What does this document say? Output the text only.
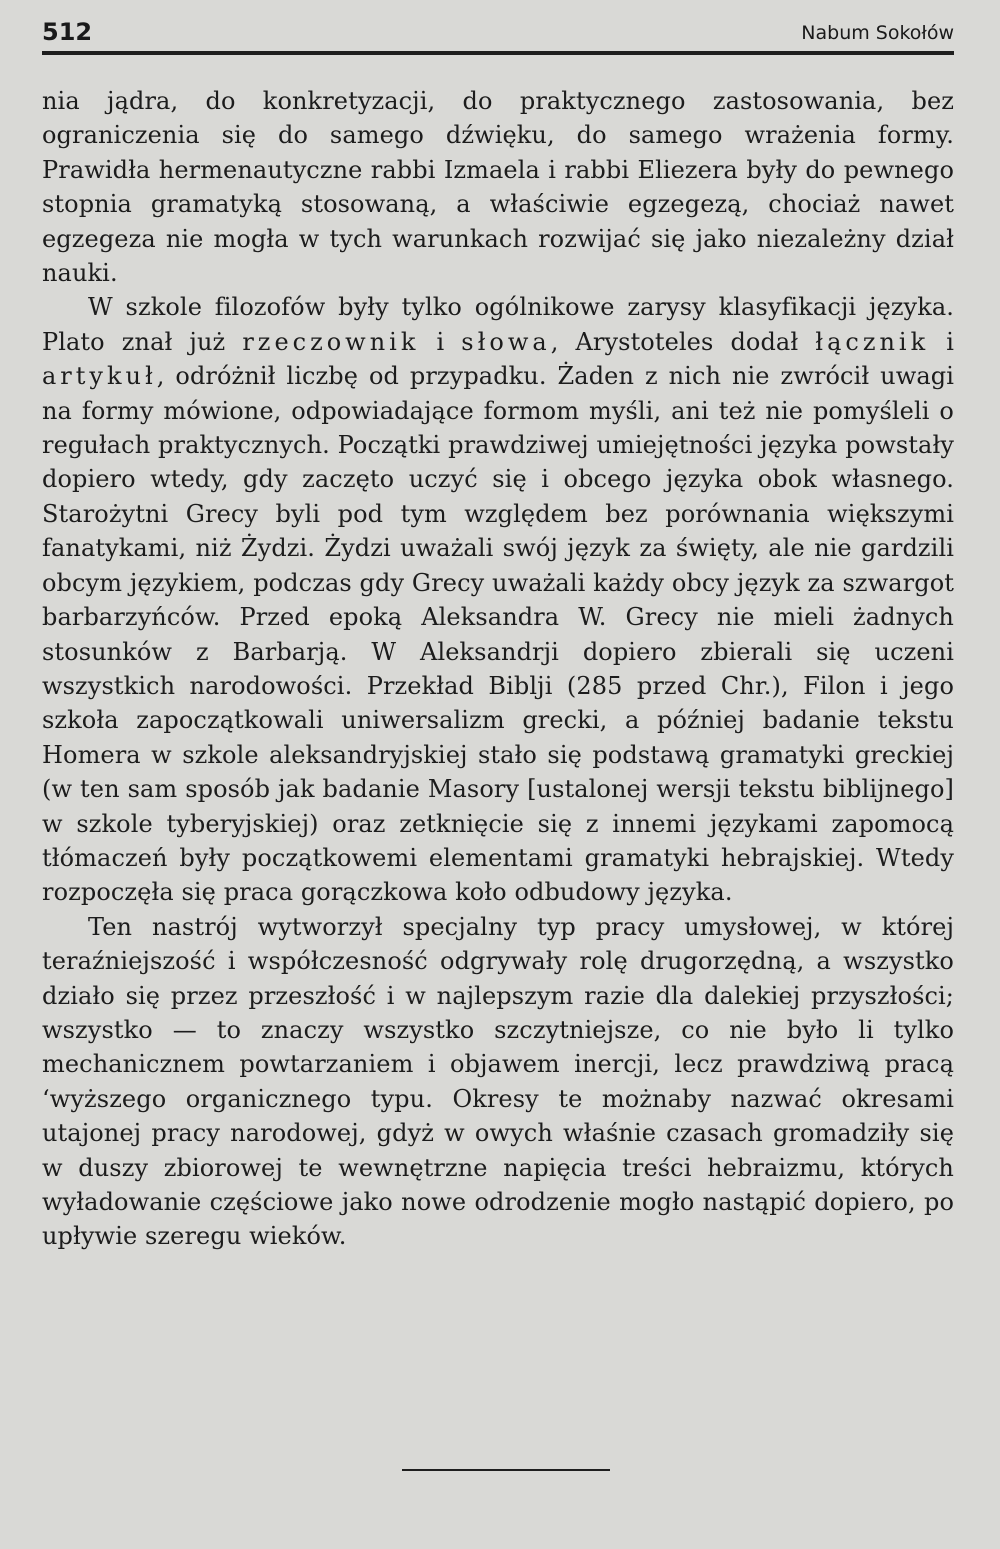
512	Nabum Sokołów

nia jądra, do konkretyzacji, do praktycznego zastosowania, bez ograniczenia się do samego dźwięku, do samego wrażenia formy. Prawidła hermenautyczne rabbi Izmaela i rabbi Eliezera były do pewnego stopnia gramatyką stosowaną, a właściwie egzegezą, chociaż nawet egzegeza nie mogła w tych warunkach rozwijać się jako niezależny dział nauki.

W szkole filozofów były tylko ogólnikowe zarysy klasyfikacji języka. Plato znał już rzeczownik i słowa, Arystoteles dodał łącznik i artykuł, odróżnił liczbę od przypadku. Żaden z nich nie zwrócił uwagi na formy mówione, odpowiadające formom myśli, ani też nie pomyśleli o regułach praktycznych. Początki prawdziwej umiejętności języka powstały dopiero wtedy, gdy zaczęto uczyć się i obcego języka obok własnego. Starożytni Grecy byli pod tym względem bez porównania większymi fanatykami, niż Żydzi. Żydzi uważali swój język za święty, ale nie gardzili obcym językiem, podczas gdy Grecy uważali każdy obcy język za szwargot barbarzyńców. Przed epoką Aleksandra W. Grecy nie mieli żadnych stosunków z Barbarją. W Aleksandrji dopiero zbierali się uczeni wszystkich narodowości. Przekład Biblji (285 przed Chr.), Filon i jego szkoła zapoczątkowali uniwersalizm grecki, a później badanie tekstu Homera w szkole aleksandryjskiej stało się podstawą gramatyki greckiej (w ten sam sposób jak badanie Masory [ustalonej wersji tekstu biblijnego] w szkole tyberyjskiej) oraz zetknięcie się z innemi językami zapomocą tłómaczeń były początkowemi elementami gramatyki hebrajskiej. Wtedy rozpoczęła się praca gorączkowa koło odbudowy języka.

Ten nastrój wytworzył specjalny typ pracy umysłowej, w której teraźniejszość i współczesność odgrywały rolę drugorzędną, a wszystko działo się przez przeszłość i w najlepszym razie dla dalekiej przyszłości; wszystko — to znaczy wszystko szczytniejsze, co nie było li tylko mechanicznem powtarzaniem i objawem inercji, lecz prawdziwą pracą ʻwyższego organicznego typu. Okresy te możnaby nazwać okresami utajonej pracy narodowej, gdyż w owych właśnie czasach gromadziły się w duszy zbiorowej te wewnętrzne napięcia treści hebraizmu, których wyładowanie częściowe jako nowe odrodzenie mogło nastąpić dopiero, po upływie szeregu wieków.
